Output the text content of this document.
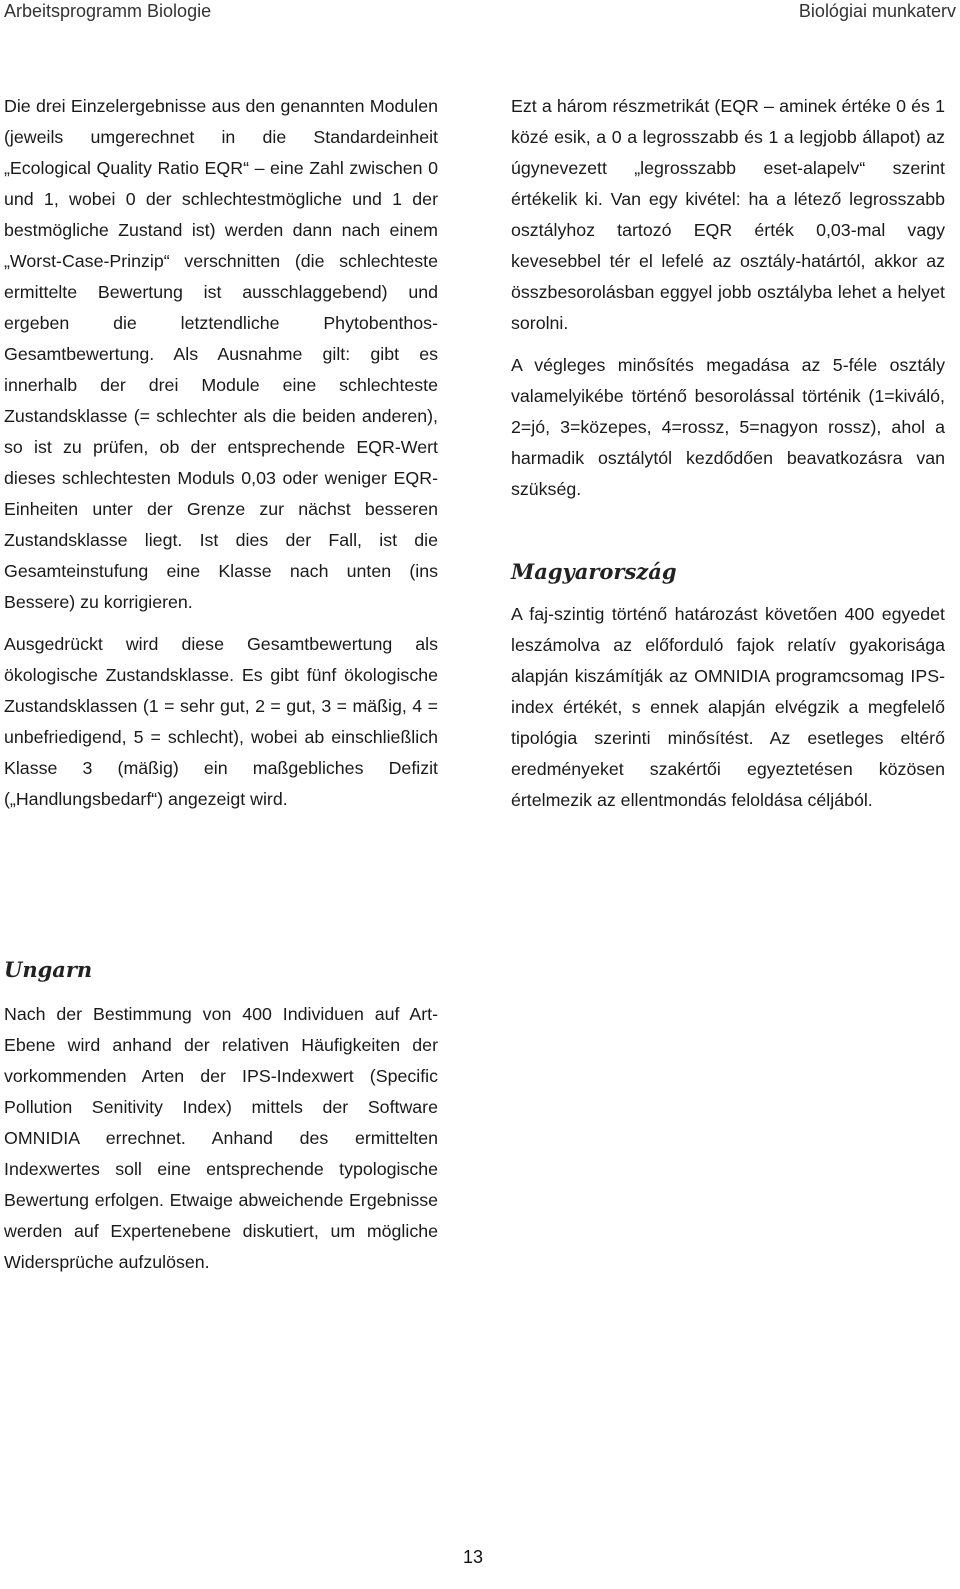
Arbeitsprogramm Biologie	Biológiai munkaterv

Die drei Einzelergebnisse aus den genannten Modulen (jeweils umgerechnet in die Standardeinheit „Ecological Quality Ratio EQR“ – eine Zahl zwischen 0 und 1, wobei 0 der schlechtestmögliche und 1 der bestmögliche Zustand ist) werden dann nach einem „Worst-Case-Prinzip“ verschnitten (die schlechteste ermittelte Bewertung ist ausschlaggebend) und ergeben die letztendliche Phytobenthos-Gesamtbewertung. Als Ausnahme gilt: gibt es innerhalb der drei Module eine schlechteste Zustandsklasse (= schlechter als die beiden anderen), so ist zu prüfen, ob der entsprechende EQR-Wert dieses schlechtesten Moduls 0,03 oder weniger EQR-Einheiten unter der Grenze zur nächst besseren Zustandsklasse liegt. Ist dies der Fall, ist die Gesamteinstufung eine Klasse nach unten (ins Bessere) zu korrigieren.

Ausgedrückt wird diese Gesamtbewertung als ökologische Zustandsklasse. Es gibt fünf ökologische Zustandsklassen (1 = sehr gut, 2 = gut, 3 = mäßig, 4 = unbefriedigend, 5 = schlecht), wobei ab einschließlich Klasse 3 (mäßig) ein maßgebliches Defizit („Handlungsbedarf“) angezeigt wird.

Ezt a három részmetrikát (EQR – aminek értéke 0 és 1 közé esik, a 0 a legrosszabb és 1 a legjobb állapot) az úgynevezett „legrosszabb eset-alapelv“ szerint értékelik ki. Van egy kivétel: ha a létező legrosszabb osztályhoz tartozó EQR érték 0,03-mal vagy kevesebbel tér el lefelé az osztály-határtól, akkor az összbesorolásban eggyel jobb osztályba lehet a helyet sorolni.

A végleges minősítés megadása az 5-féle osztály valamelyikébe történő besorolással történik (1=kiváló, 2=jó, 3=közepes, 4=rossz, 5=nagyon rossz), ahol a harmadik osztálytól kezdődően beavatkozásra van szükség.

Magyarország

A faj-szintig történő határozást követően 400 egyedet leszámolva az előforduló fajok relatív gyakorisága alapján kiszámítják az OMNIDIA programcsomag IPS-index értékét, s ennek alapján elvégzik a megfelelő tipológia szerinti minősítést. Az esetleges eltérő eredményeket szakértői egyeztetésen közösen értelmezik az ellentmondás feloldása céljából.

Ungarn

Nach der Bestimmung von 400 Individuen auf Art-Ebene wird anhand der relativen Häufigkeiten der vorkommenden Arten der IPS-Indexwert (Specific Pollution Senitivity Index) mittels der Software OMNIDIA errechnet. Anhand des ermittelten Indexwertes soll eine entsprechende typologische Bewertung erfolgen. Etwaige abweichende Ergebnisse werden auf Expertenebene diskutiert, um mögliche Widersprüche aufzulösen.

13
